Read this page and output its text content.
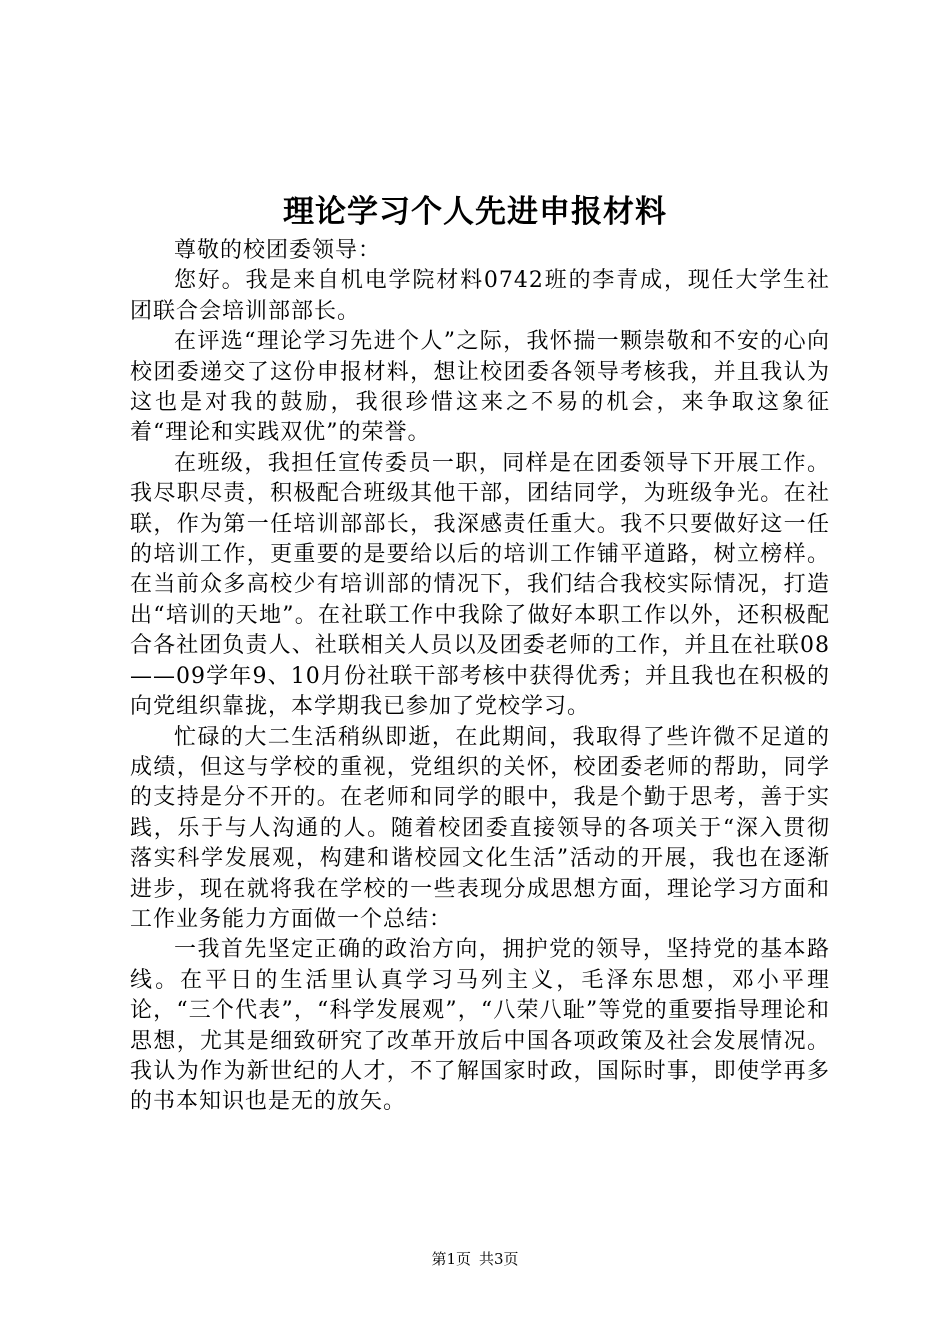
理论学习个人先进申报材料

尊敬的校团委领导：

您好。我是来自机电学院材料0742班的李青成，现任大学生社团联合会培训部部长。

在评选“理论学习先进个人”之际，我怀揣一颗崇敬和不安的心向校团委递交了这份申报材料，想让校团委各领导考核我，并且我认为这也是对我的鼓励，我很珍惜这来之不易的机会，来争取这象征着“理论和实践双优”的荣誉。

在班级，我担任宣传委员一职，同样是在团委领导下开展工作。我尽职尽责，积极配合班级其他干部，团结同学，为班级争光。在社联，作为第一任培训部部长，我深感责任重大。我不只要做好这一任的培训工作，更重要的是要给以后的培训工作铺平道路，树立榜样。在当前众多高校少有培训部的情况下，我们结合我校实际情况，打造出“培训的天地”。在社联工作中我除了做好本职工作以外，还积极配合各社团负责人、社联相关人员以及团委老师的工作，并且在社联08——09学年9、10月份社联干部考核中获得优秀；并且我也在积极的向党组织靠拢，本学期我已参加了党校学习。

忙碌的大二生活稍纵即逝，在此期间，我取得了些许微不足道的成绩，但这与学校的重视，党组织的关怀，校团委老师的帮助，同学的支持是分不开的。在老师和同学的眼中，我是个勤于思考，善于实践，乐于与人沟通的人。随着校团委直接领导的各项关于“深入贯彻落实科学发展观，构建和谐校园文化生活”活动的开展，我也在逐渐进步，现在就将我在学校的一些表现分成思想方面，理论学习方面和工作业务能力方面做一个总结：

一我首先坚定正确的政治方向，拥护党的领导，坚持党的基本路线。在平日的生活里认真学习马列主义，毛泽东思想，邓小平理论，“三个代表”，“科学发展观”，“八荣八耻”等党的重要指导理论和思想，尤其是细致研究了改革开放后中国各项政策及社会发展情况。我认为作为新世纪的人才，不了解国家时政，国际时事，即使学再多的书本知识也是无的放矢。

第1页 共3页
